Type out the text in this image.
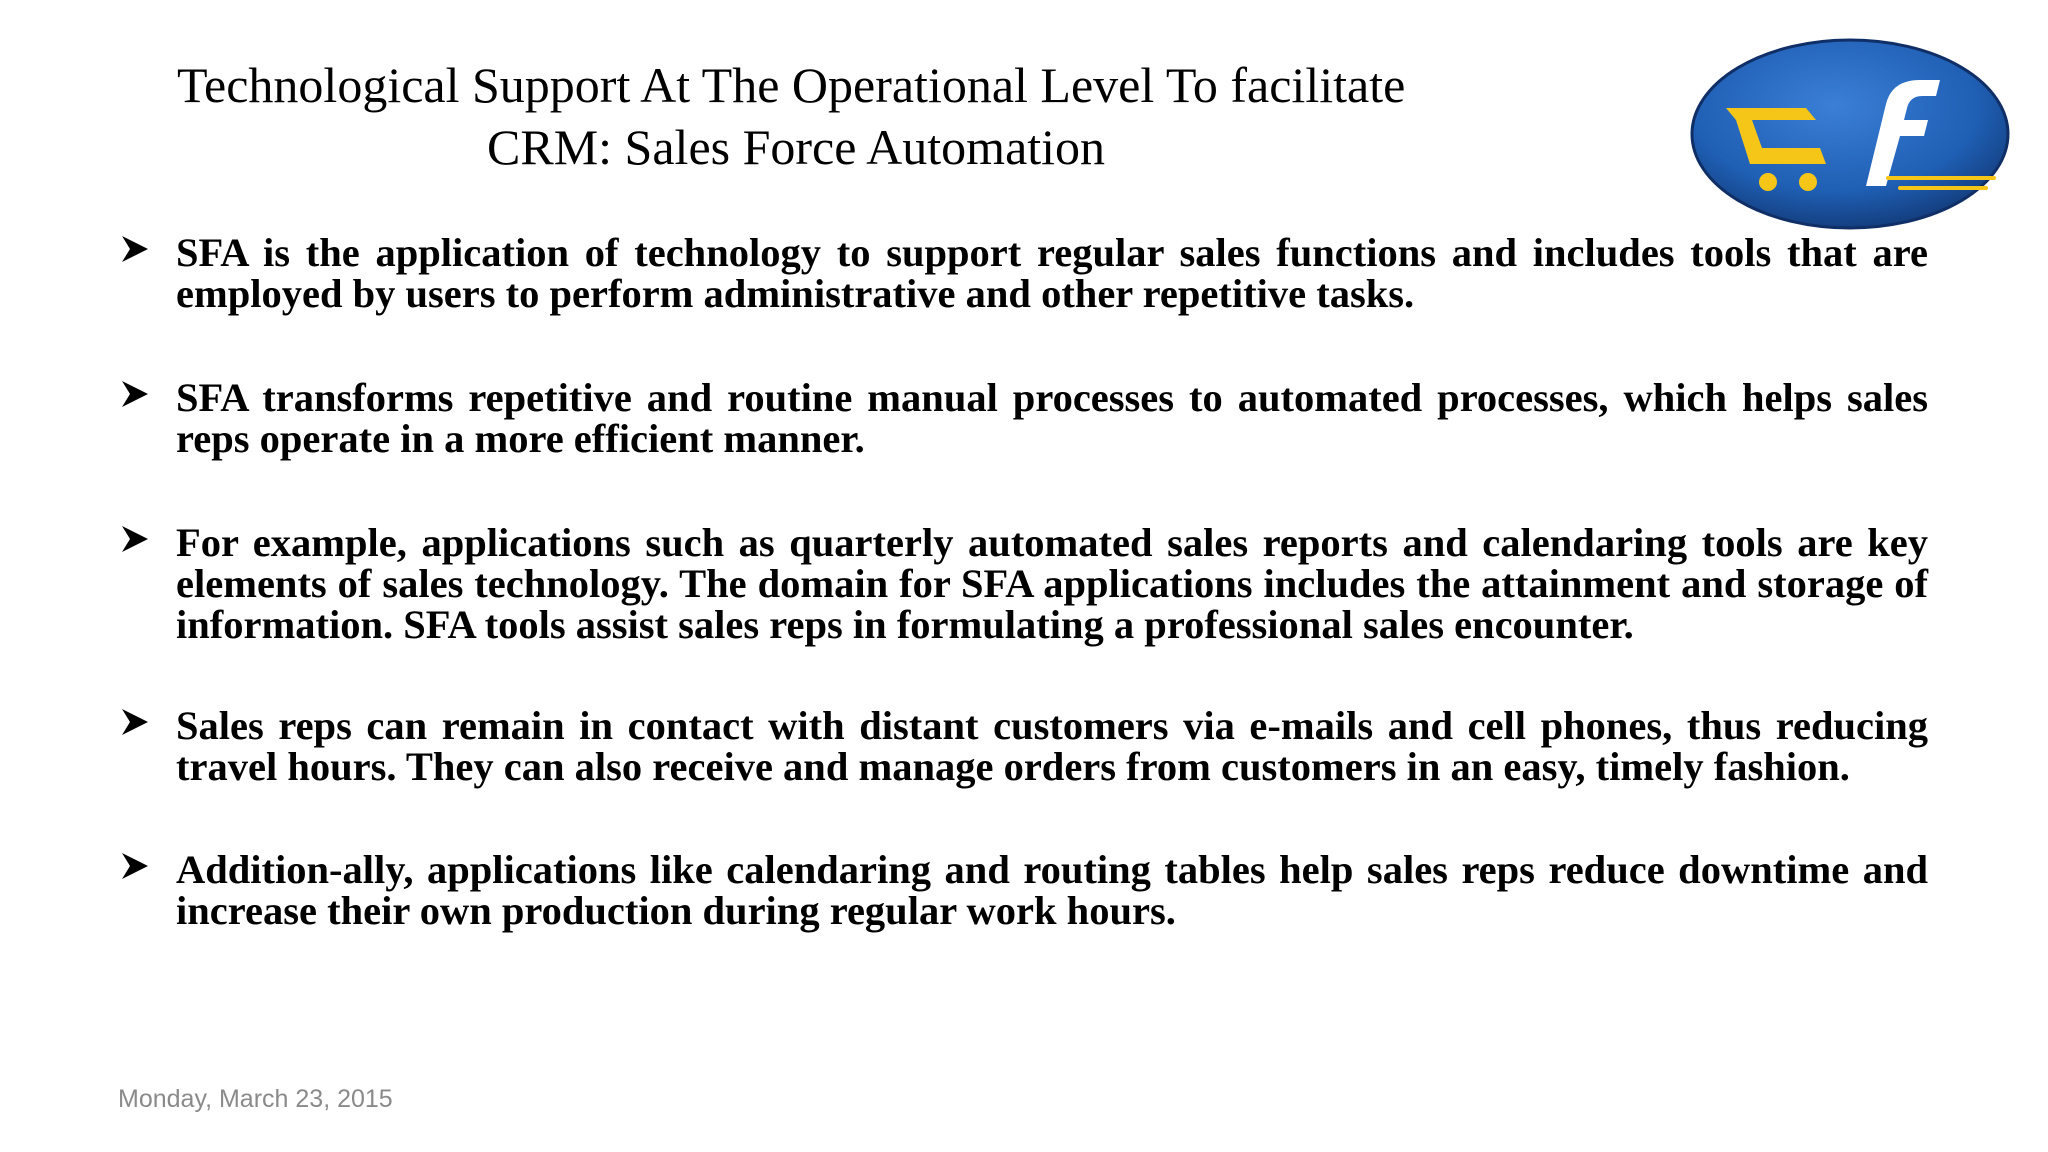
Technological Support At The Operational Level To facilitate
CRM: Sales Force Automation
SFA is the application of technology to support regular sales functions and includes tools that are employed by users to perform administrative and other repetitive tasks.
SFA transforms repetitive and routine manual processes to automated processes, which helps sales reps operate in a more efficient manner.
For example, applications such as quarterly automated sales reports and calendaring tools are key elements of sales technology. The domain for SFA applications includes the attainment and storage of information. SFA tools assist sales reps in formulating a professional sales encounter.
Sales reps can remain in contact with distant customers via e-mails and cell phones, thus reducing travel hours. They can also receive and manage orders from customers in an easy, timely fashion.
Addition-ally, applications like calendaring and routing tables help sales reps reduce downtime and increase their own production during regular work hours.
Monday, March 23, 2015
